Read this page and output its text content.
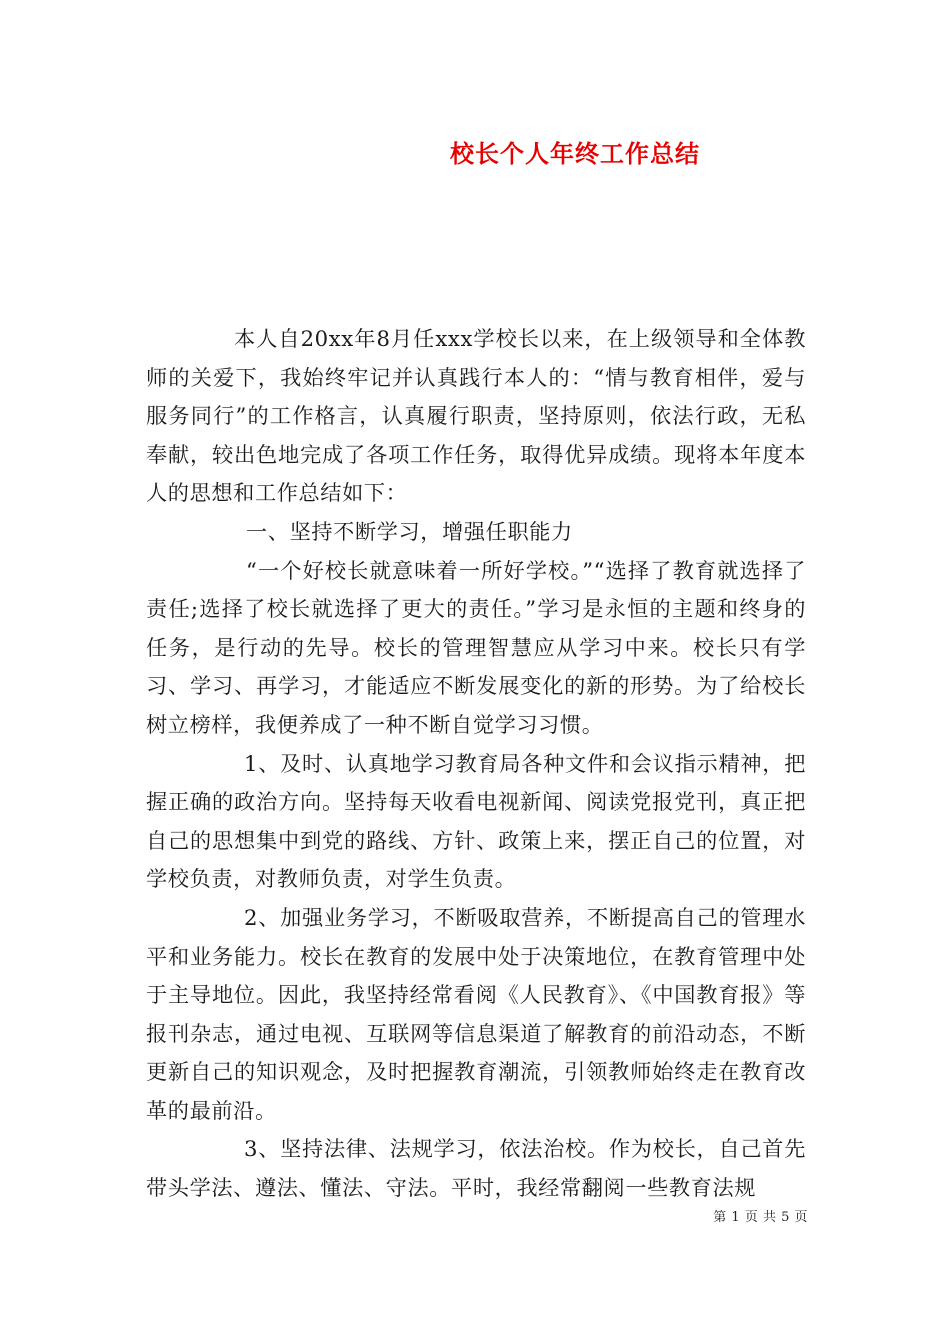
校长个人年终工作总结

本人自20xx年8月任xxx学校长以来，在上级领导和全体教师的关爱下，我始终牢记并认真践行本人的：“情与教育相伴，爱与服务同行”的工作格言，认真履行职责，坚持原则，依法行政，无私奉献，较出色地完成了各项工作任务，取得优异成绩。现将本年度本人的思想和工作总结如下：

一、坚持不断学习，增强任职能力

“一个好校长就意味着一所好学校。”“选择了教育就选择了责任;选择了校长就选择了更大的责任。”学习是永恒的主题和终身的任务，是行动的先导。校长的管理智慧应从学习中来。校长只有学习、学习、再学习，才能适应不断发展变化的新的形势。为了给校长树立榜样，我便养成了一种不断自觉学习习惯。

1、及时、认真地学习教育局各种文件和会议指示精神，把握正确的政治方向。坚持每天收看电视新闻、阅读党报党刊，真正把自己的思想集中到党的路线、方针、政策上来，摆正自己的位置，对学校负责，对教师负责，对学生负责。

2、加强业务学习，不断吸取营养，不断提高自己的管理水平和业务能力。校长在教育的发展中处于决策地位，在教育管理中处于主导地位。因此，我坚持经常看阅《人民教育》、《中国教育报》等报刊杂志，通过电视、互联网等信息渠道了解教育的前沿动态，不断更新自己的知识观念，及时把握教育潮流，引领教师始终走在教育改革的最前沿。

3、坚持法律、法规学习，依法治校。作为校长，自己首先带头学法、遵法、懂法、守法。平时，我经常翻阅一些教育法规

第 1 页 共 5 页
